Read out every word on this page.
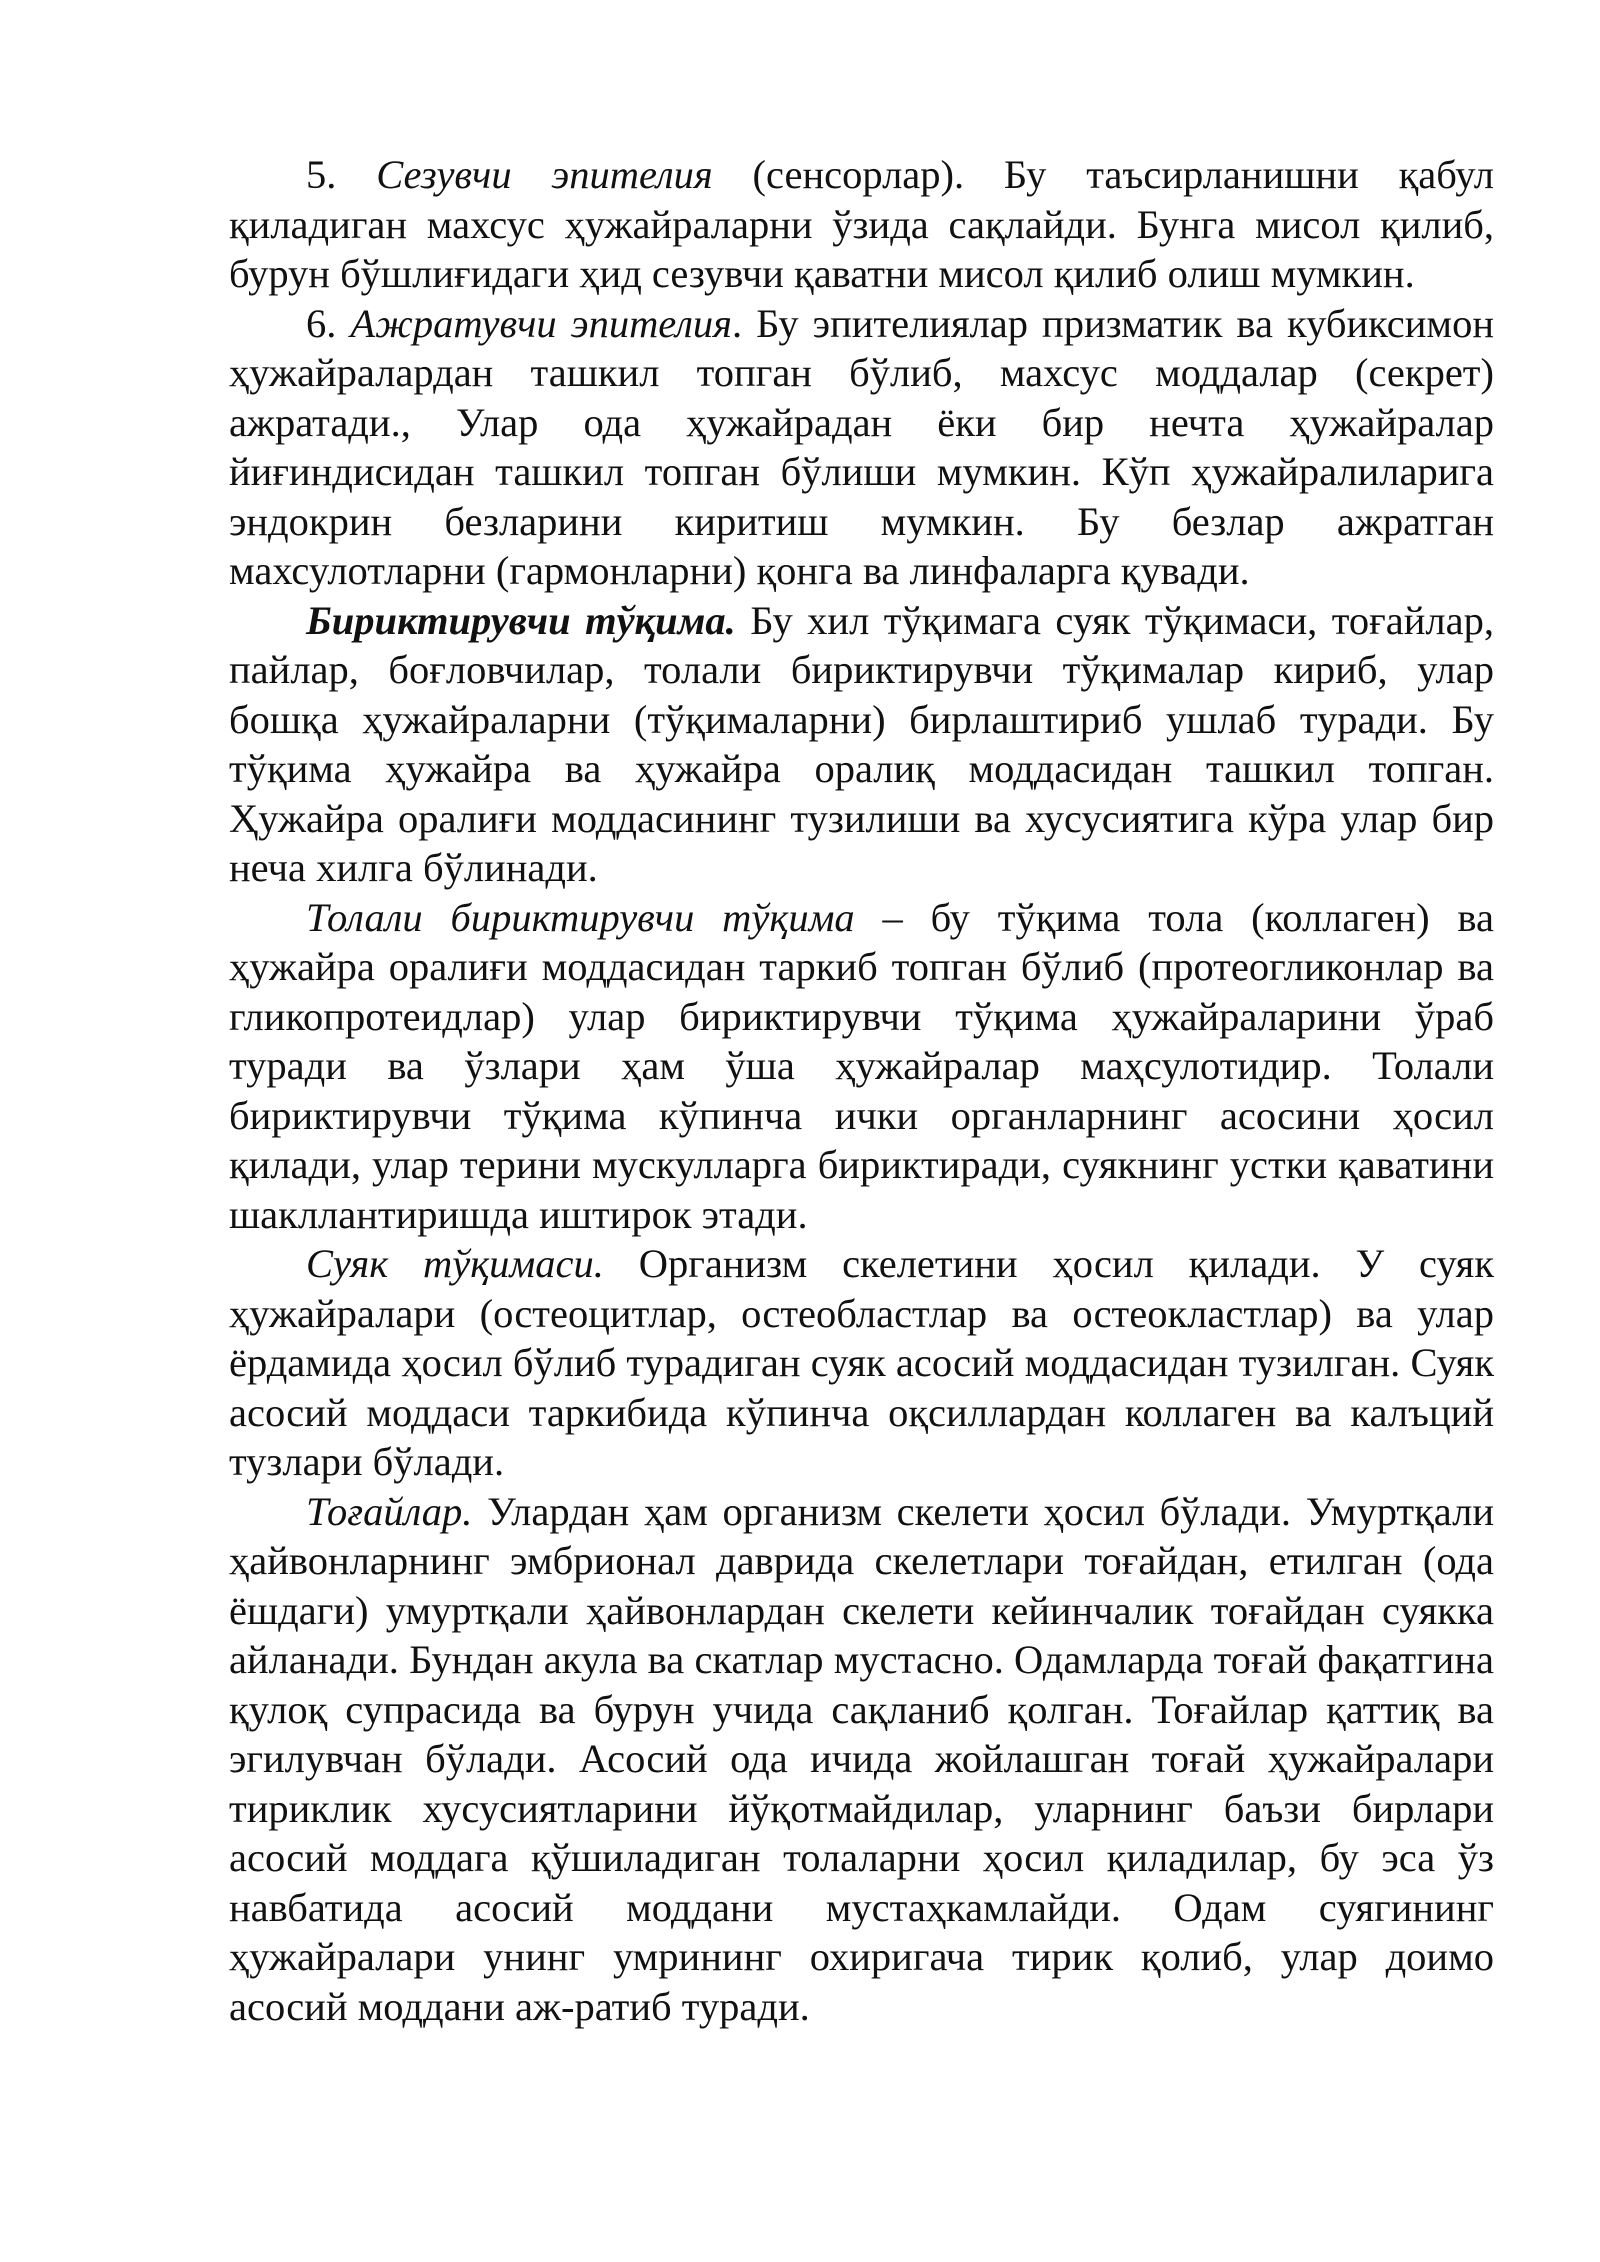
5. Сезувчи эпителия (сенсорлар). Бу таъсирланишни қабул қиладиган махсус ҳужайраларни ўзида сақлайди. Бунга мисол қилиб, бурун бўшлиғидаги ҳид сезувчи қаватни мисол қилиб олиш мумкин.

6. Ажратувчи эпителия. Бу эпителиялар призматик ва кубиксимон ҳужайралардан ташкил топган бўлиб, махсус моддалар (секрет) ажратади., Улар ода ҳужайрадан ёки бир нечта ҳужайралар йиғиндисидан ташкил топган бўлиши мумкин. Кўп ҳужайралиларига эндокрин безларини киритиш мумкин. Бу безлар ажратган махсулотларни (гармонларни) қонга ва линфаларга қувади.

Бириктирувчи тўқима. Бу хил тўқимага суяк тўқимаси, тоғайлар, пайлар, боғловчилар, толали бириктирувчи тўқималар кириб, улар бошқа ҳужайраларни (тўқималарни) бирлаштириб ушлаб туради. Бу тўқима ҳужайра ва ҳужайра оралиқ моддасидан ташкил топган. Ҳужайра оралиғи моддасининг тузилиши ва хусусиятига кўра улар бир неча хилга бўлинади.

Толали бириктирувчи тўқима – бу тўқима тола (коллаген) ва ҳужайра оралиғи моддасидан таркиб топган бўлиб (протеогликонлар ва гликопротеидлар) улар бириктирувчи тўқима ҳужайраларини ўраб туради ва ўзлари ҳам ўша ҳужайралар маҳсулотидир. Толали бириктирувчи тўқима кўпинча ички органларнинг асосини ҳосил қилади, улар терини мускулларга бириктиради, суякнинг устки қаватини шакллантиришда иштирок этади.

Суяк тўқимаси. Организм скелетини ҳосил қилади. У суяк ҳужайралари (остеоцитлар, остеобластлар ва остеокластлар) ва улар ёрдамида ҳосил бўлиб турадиган суяк асосий моддасидан тузилган. Суяк асосий моддаси таркибида кўпинча оқсиллардан коллаген ва калъций тузлари бўлади.

Тоғайлар. Улардан ҳам организм скелети ҳосил бўлади. Умуртқали ҳайвонларнинг эмбрионал даврида скелетлари тоғайдан, етилган (ода ёшдаги) умуртқали ҳайвонлардан скелети кейинчалик тоғайдан суякка айланади. Бундан акула ва скатлар мустасно. Одамларда тоғай фақатгина қулоқ супрасида ва бурун учида сақланиб қолган. Тоғайлар қаттиқ ва эгилувчан бўлади. Асосий ода ичида жойлашган тоғай ҳужайралари тириклик хусусиятларини йўқотмайдилар, уларнинг баъзи бирлари асосий моддага қўшиладиган толаларни ҳосил қиладилар, бу эса ўз навбатида асосий моддани мустаҳкамлайди. Одам суягининг ҳужайралари унинг умрининг охиригача тирик қолиб, улар доимо асосий моддани аж-ратиб туради.
